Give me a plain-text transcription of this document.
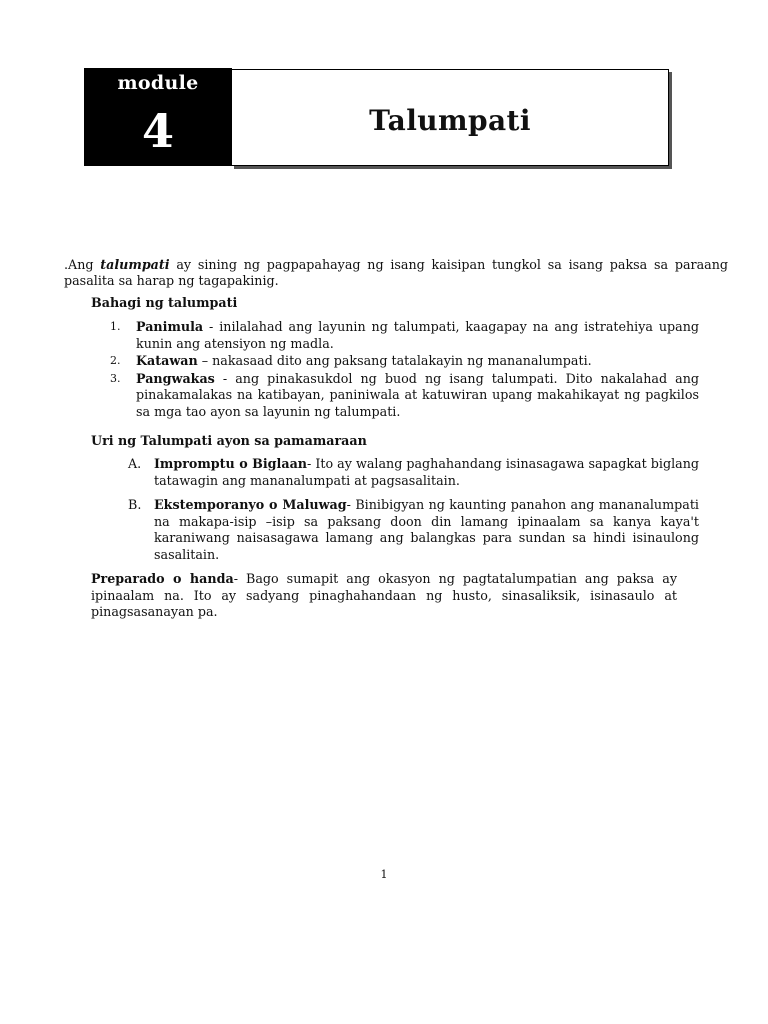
module
4	Talumpati

.Ang talumpati ay sining ng pagpapahayag ng isang kaisipan tungkol sa isang paksa sa paraang pasalita sa harap ng tagapakinig.

Bahagi ng talumpati
1. Panimula - inilalahad ang layunin ng talumpati, kaagapay na ang istratehiya upang kunin ang atensiyon ng madla.
2. Katawan – nakasaad dito ang paksang tatalakayin ng mananalumpati.
3. Pangwakas - ang pinakasukdol ng buod ng isang talumpati. Dito nakalahad ang pinakamalakas na katibayan, paniniwala at katuwiran upang makahikayat ng pagkilos sa mga tao ayon sa layunin ng talumpati.
Uri ng Talumpati ayon sa pamamaraan
A. Impromptu o Biglaan- Ito ay walang paghahandang isinasagawa sapagkat biglang tatawagin ang mananalumpati at pagsasalitain.
B. Ekstemporanyo o Maluwag- Binibigyan ng kaunting panahon ang mananalumpati na makapa-isip –isip sa paksang doon din lamang ipinaalam sa kanya kaya't karaniwang naisasagawa lamang ang balangkas para sundan sa hindi isinaulong sasalitain.

Preparado o handa- Bago sumapit ang okasyon ng pagtatalumpatian ang paksa ay ipinaalam na. Ito ay sadyang pinaghahandaan ng husto, sinasaliksik, isinasaulo at pinagsasanayan pa.

1
